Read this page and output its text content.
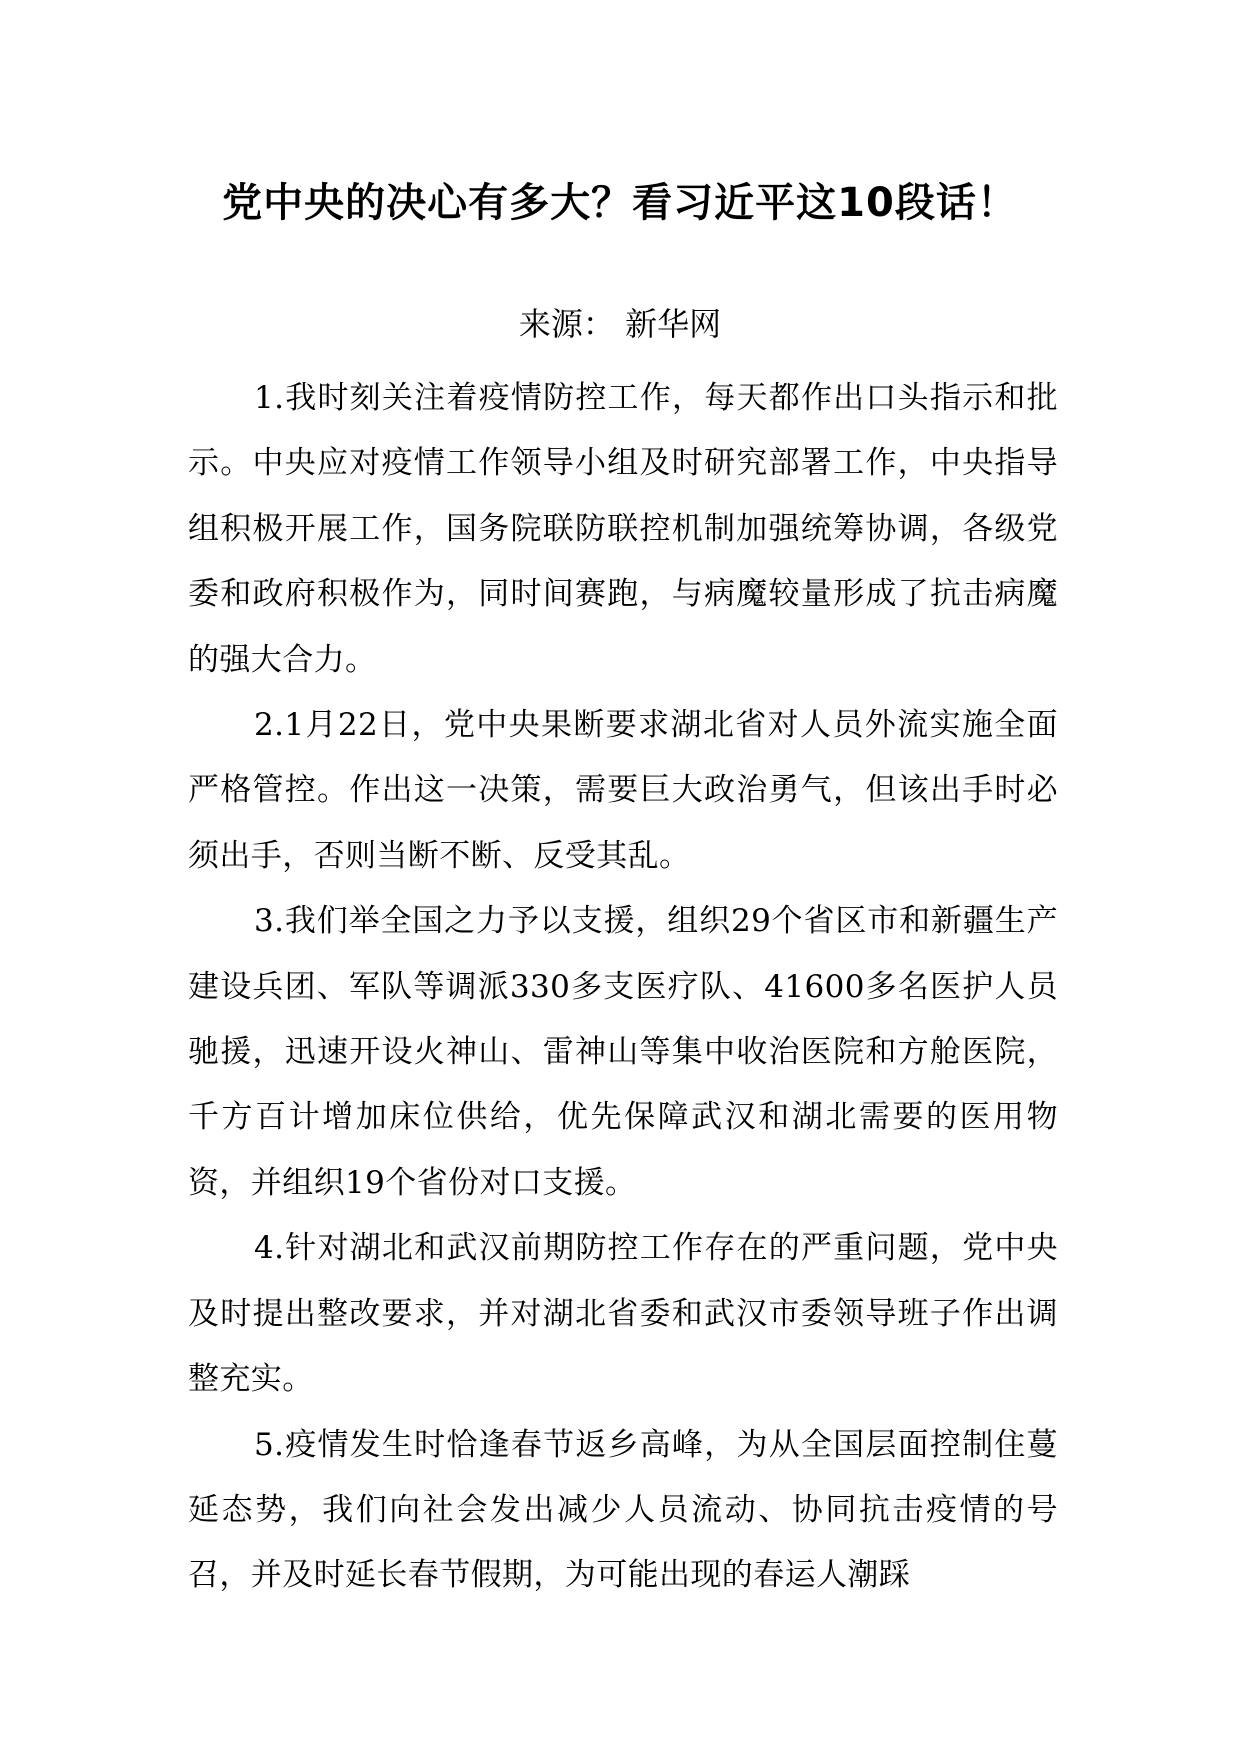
党中央的决心有多大？看习近平这10段话！

来源： 新华网

1.我时刻关注着疫情防控工作，每天都作出口头指示和批示。中央应对疫情工作领导小组及时研究部署工作，中央指导组积极开展工作，国务院联防联控机制加强统筹协调，各级党委和政府积极作为，同时间赛跑，与病魔较量形成了抗击病魔的强大合力。

2.1月22日，党中央果断要求湖北省对人员外流实施全面严格管控。作出这一决策，需要巨大政治勇气，但该出手时必须出手，否则当断不断、反受其乱。

3.我们举全国之力予以支援，组织29个省区市和新疆生产建设兵团、军队等调派330多支医疗队、41600多名医护人员驰援，迅速开设火神山、雷神山等集中收治医院和方舱医院，千方百计增加床位供给，优先保障武汉和湖北需要的医用物资，并组织19个省份对口支援。

4.针对湖北和武汉前期防控工作存在的严重问题，党中央及时提出整改要求，并对湖北省委和武汉市委领导班子作出调整充实。

5.疫情发生时恰逢春节返乡高峰，为从全国层面控制住蔓延态势，我们向社会发出减少人员流动、协同抗击疫情的号召，并及时延长春节假期，为可能出现的春运人潮踩
